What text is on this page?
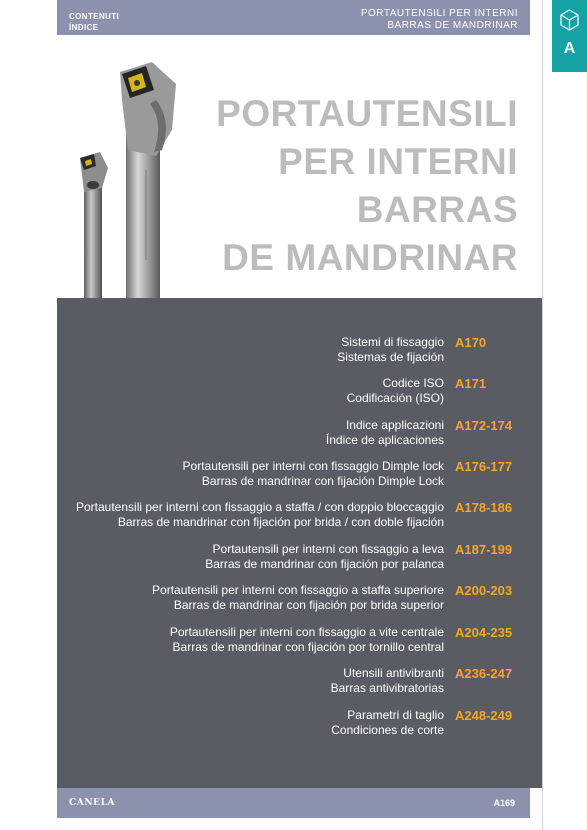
CONTENUTI
ÍNDICE
PORTAUTENSILI PER INTERNI
BARRAS DE MANDRINAR
A
PORTAUTENSILI
PER INTERNI
BARRAS
DE MANDRINAR
Sistemi di fissaggio
Sistemas de fijación
A170
Codice ISO
Codificación (ISO)
A171
Indice applicazioni
Índice de aplicaciones
A172-174
Portautensili per interni con fissaggio Dimple lock
Barras de mandrinar con fijación Dimple Lock
A176-177
Portautensili per interni con fissaggio a staffa / con doppio bloccaggio
Barras de mandrinar con fijación por brida / con doble fijación
A178-186
Portautensili per interni con fissaggio a leva
Barras de mandrinar con fijación por palanca
A187-199
Portautensili per interni con fissaggio a staffa superiore
Barras de mandrinar con fijación por brida superior
A200-203
Portautensili per interni con fissaggio a vite centrale
Barras de mandrinar con fijación por tornillo central
A204-235
Utensili antivibranti
Barras antivibratorias
A236-247
Parametri di taglio
Condiciones de corte
A248-249
CANELA	A169
